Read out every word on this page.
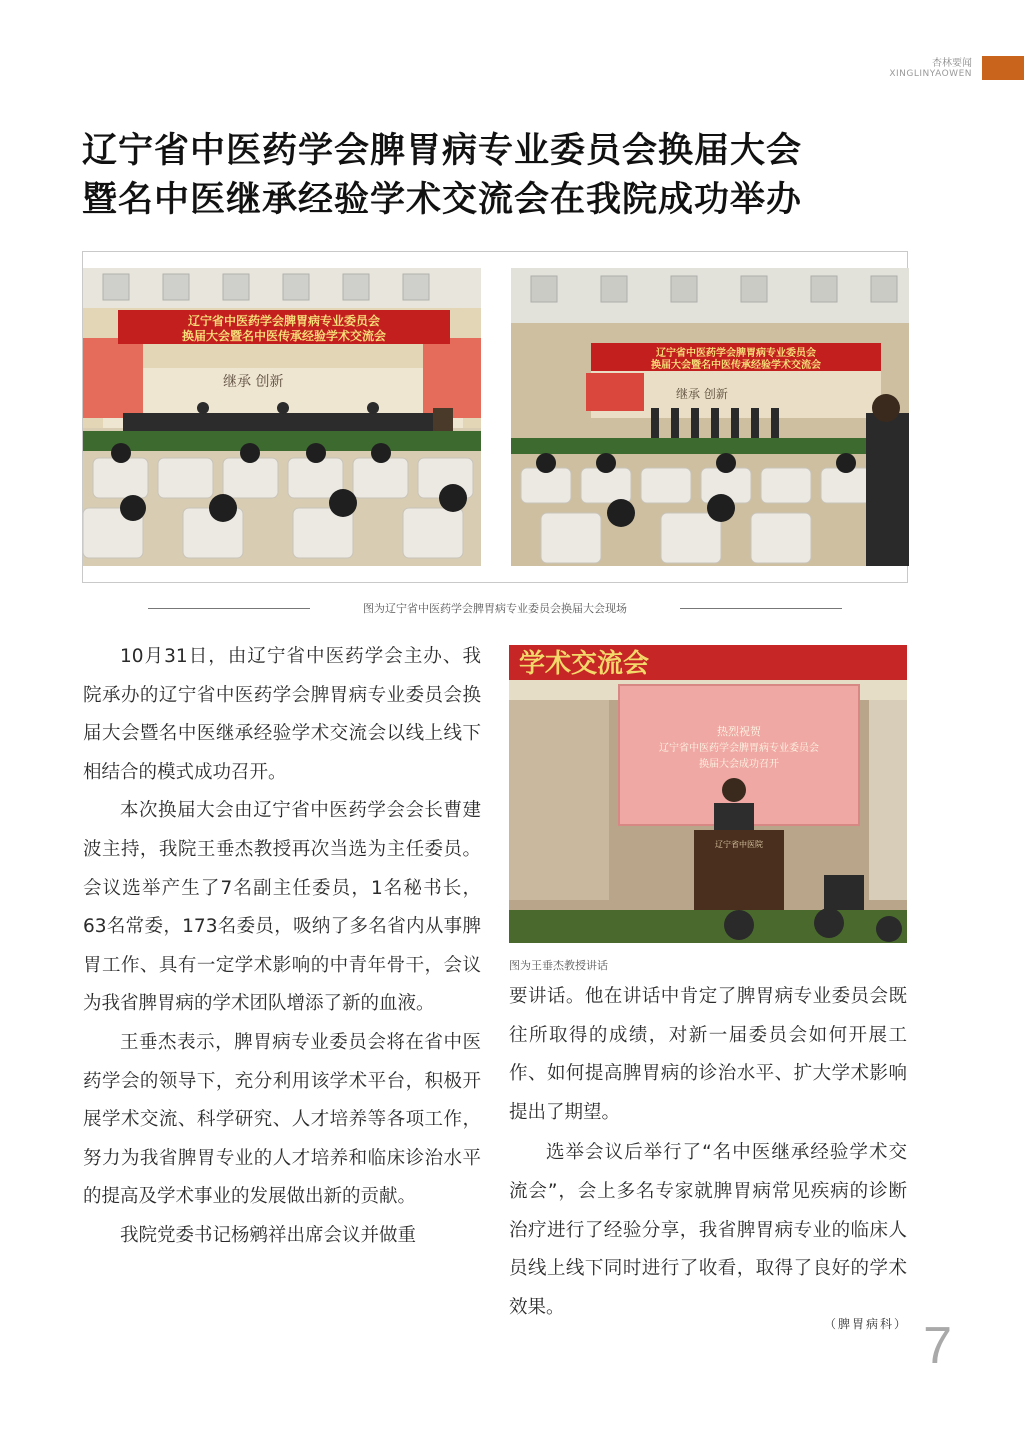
杏林要闻
XINGLINYAOWEN
辽宁省中医药学会脾胃病专业委员会换届大会
暨名中医继承经验学术交流会在我院成功举办
辽宁省中医药学会脾胃病专业委员会
换届大会暨名中医传承经验学术交流会
继承 创新
辽宁省中医药学会脾胃病专业委员会
换届大会暨名中医传承经验学术交流会
继承 创新
图为辽宁省中医药学会脾胃病专业委员会换届大会现场

10月31日，由辽宁省中医药学会主办、我院承办的辽宁省中医药学会脾胃病专业委员会换届大会暨名中医继承经验学术交流会以线上线下相结合的模式成功召开。

本次换届大会由辽宁省中医药学会会长曹建波主持，我院王垂杰教授再次当选为主任委员。会议选举产生了7名副主任委员，1名秘书长，63名常委，173名委员，吸纳了多名省内从事脾胃工作、具有一定学术影响的中青年骨干，会议为我省脾胃病的学术团队增添了新的血液。

王垂杰表示，脾胃病专业委员会将在省中医药学会的领导下，充分利用该学术平台，积极开展学术交流、科学研究、人才培养等各项工作，努力为我省脾胃专业的人才培养和临床诊治水平的提高及学术事业的发展做出新的贡献。

我院党委书记杨鹓祥出席会议并做重

学术交流会
热烈祝贺
辽宁省中医药学会脾胃病专业委员会
换届大会成功召开
辽宁省中医院
图为王垂杰教授讲话

要讲话。他在讲话中肯定了脾胃病专业委员会既往所取得的成绩，对新一届委员会如何开展工作、如何提高脾胃病的诊治水平、扩大学术影响提出了期望。

选举会议后举行了“名中医继承经验学术交流会”，会上多名专家就脾胃病常见疾病的诊断治疗进行了经验分享，我省脾胃病专业的临床人员线上线下同时进行了收看，取得了良好的学术效果。

（脾胃病科） 7
